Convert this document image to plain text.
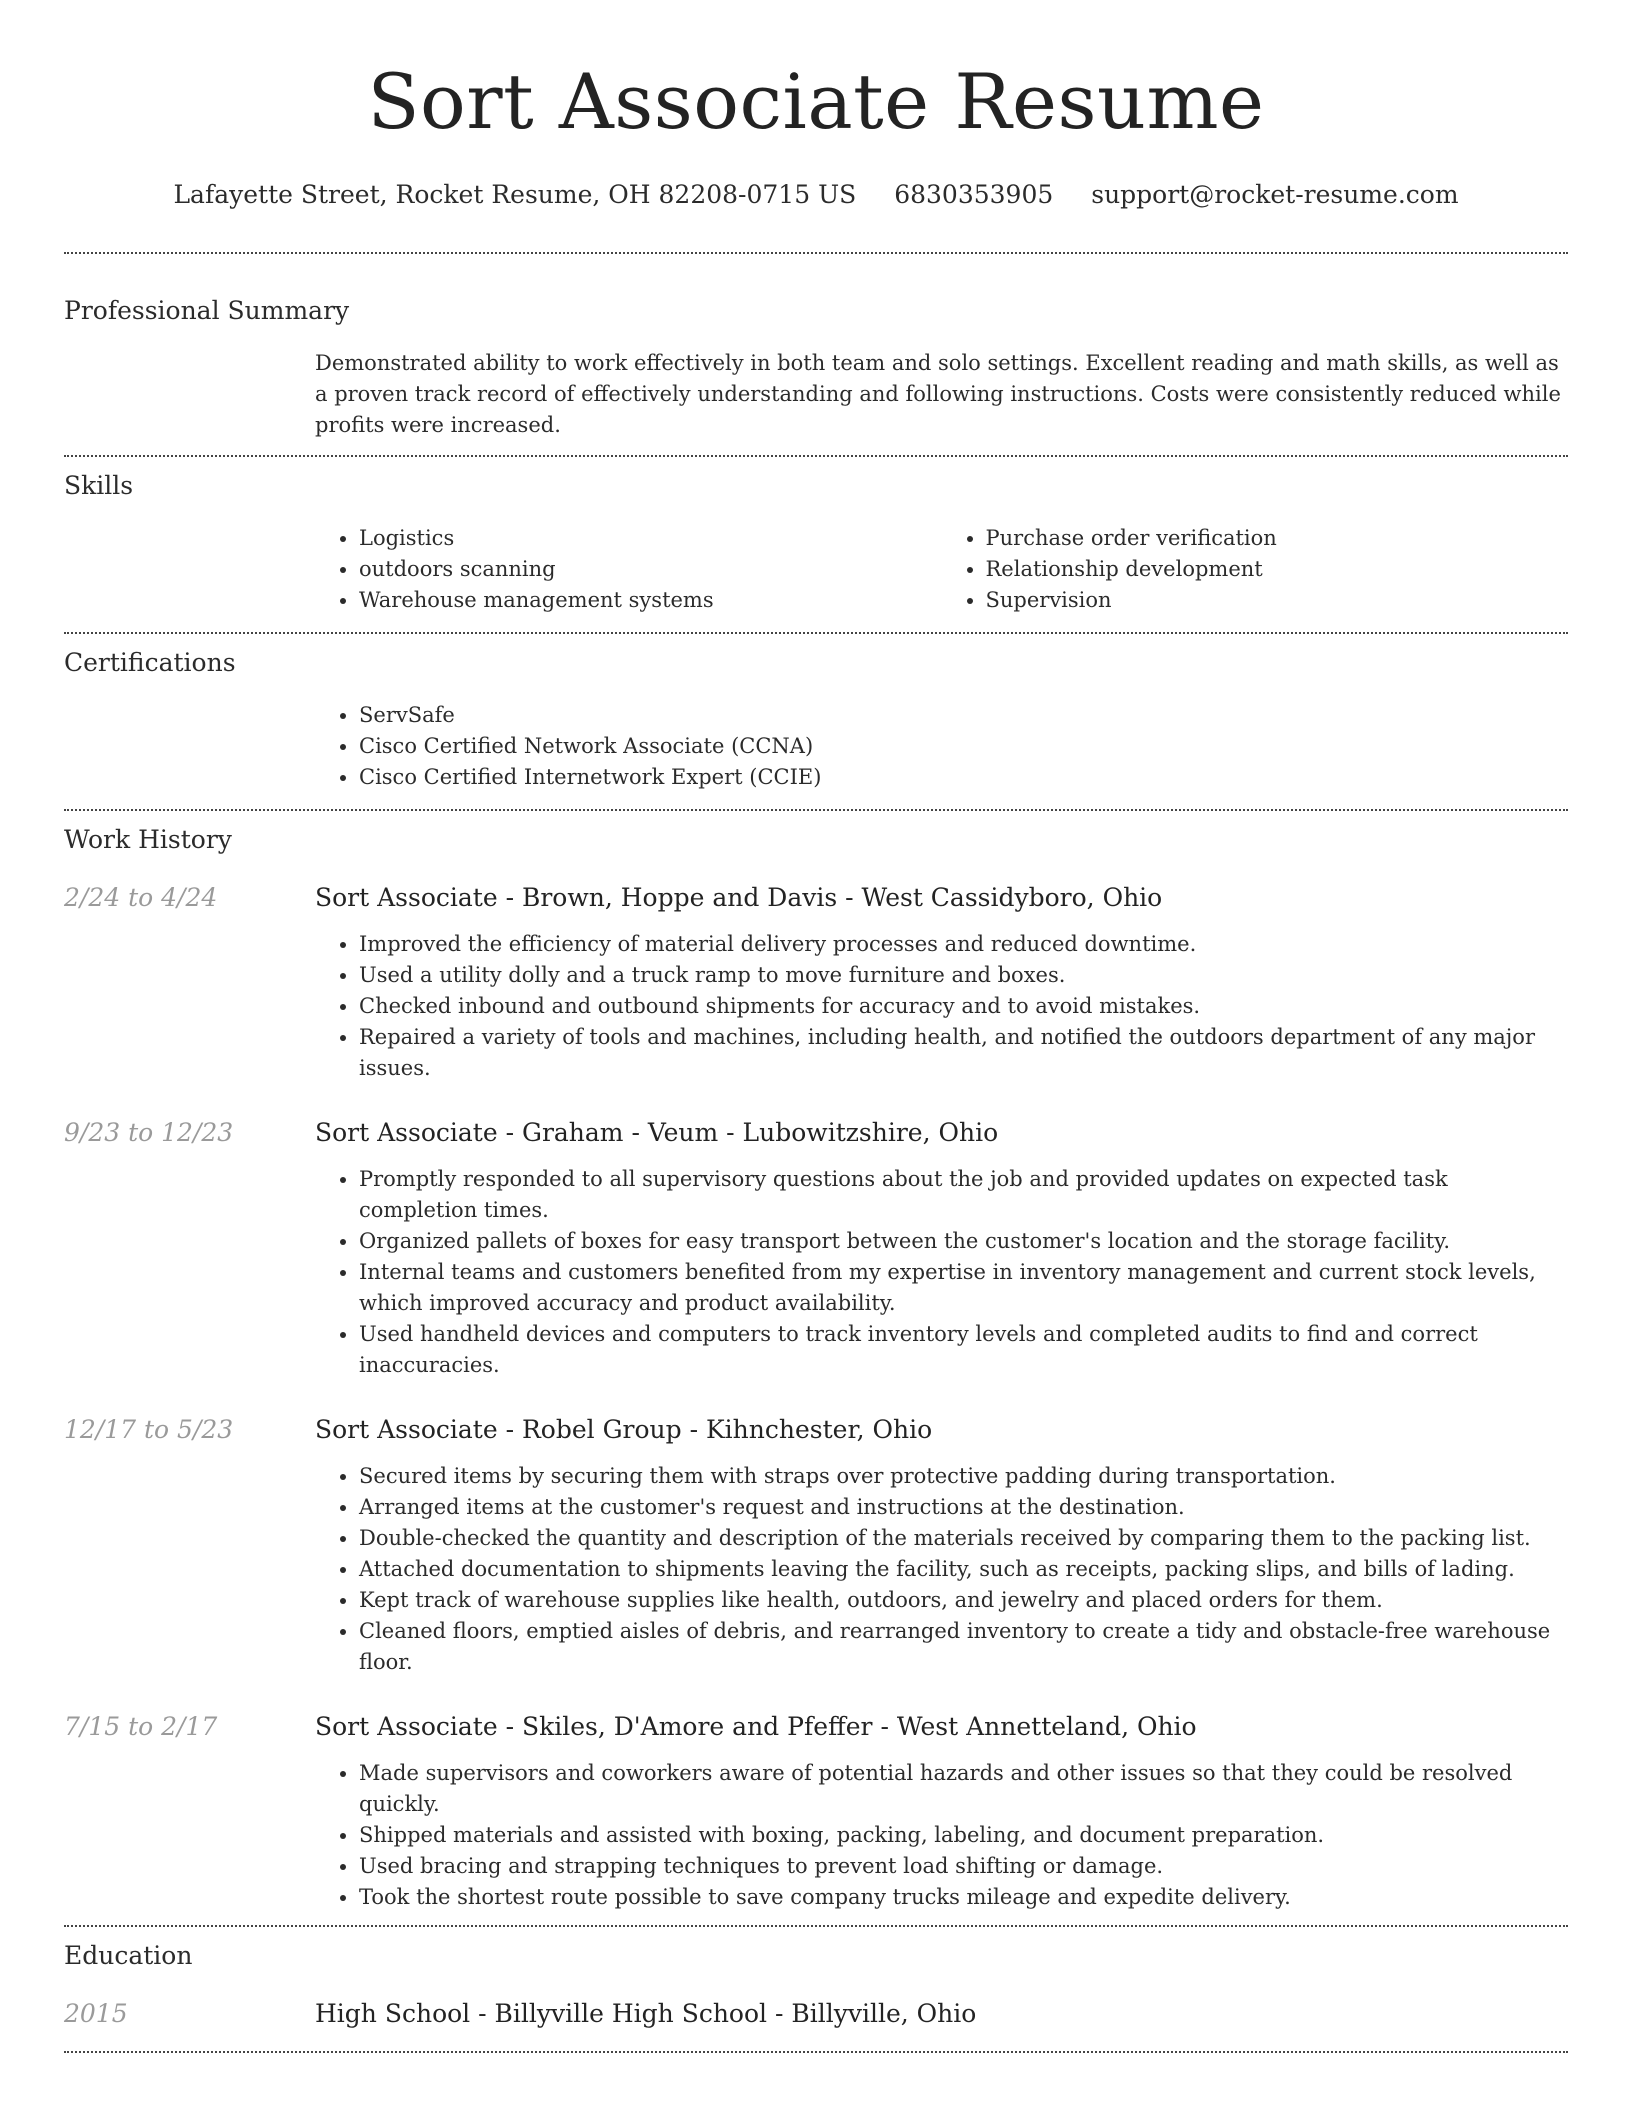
Sort Associate Resume
Lafayette Street, Rocket Resume, OH 82208-0715 US 6830353905 support@rocket-resume.com
Professional Summary
Demonstrated ability to work effectively in both team and solo settings. Excellent reading and math skills, as well as a proven track record of effectively understanding and following instructions. Costs were consistently reduced while profits were increased.
Skills
• Logistics
• outdoors scanning
• Warehouse management systems
• Purchase order verification
• Relationship development
• Supervision
Certifications
• ServSafe
• Cisco Certified Network Associate (CCNA)
• Cisco Certified Internetwork Expert (CCIE)
Work History
2/24 to 4/24	Sort Associate - Brown, Hoppe and Davis - West Cassidyboro, Ohio
• Improved the efficiency of material delivery processes and reduced downtime.
• Used a utility dolly and a truck ramp to move furniture and boxes.
• Checked inbound and outbound shipments for accuracy and to avoid mistakes.
• Repaired a variety of tools and machines, including health, and notified the outdoors department of any major issues.
9/23 to 12/23	Sort Associate - Graham - Veum - Lubowitzshire, Ohio
• Promptly responded to all supervisory questions about the job and provided updates on expected task completion times.
• Organized pallets of boxes for easy transport between the customer's location and the storage facility.
• Internal teams and customers benefited from my expertise in inventory management and current stock levels, which improved accuracy and product availability.
• Used handheld devices and computers to track inventory levels and completed audits to find and correct inaccuracies.
12/17 to 5/23	Sort Associate - Robel Group - Kihnchester, Ohio
• Secured items by securing them with straps over protective padding during transportation.
• Arranged items at the customer's request and instructions at the destination.
• Double-checked the quantity and description of the materials received by comparing them to the packing list.
• Attached documentation to shipments leaving the facility, such as receipts, packing slips, and bills of lading.
• Kept track of warehouse supplies like health, outdoors, and jewelry and placed orders for them.
• Cleaned floors, emptied aisles of debris, and rearranged inventory to create a tidy and obstacle-free warehouse floor.
7/15 to 2/17	Sort Associate - Skiles, D'Amore and Pfeffer - West Annetteland, Ohio
• Made supervisors and coworkers aware of potential hazards and other issues so that they could be resolved quickly.
• Shipped materials and assisted with boxing, packing, labeling, and document preparation.
• Used bracing and strapping techniques to prevent load shifting or damage.
• Took the shortest route possible to save company trucks mileage and expedite delivery.
Education
2015	High School - Billyville High School - Billyville, Ohio
